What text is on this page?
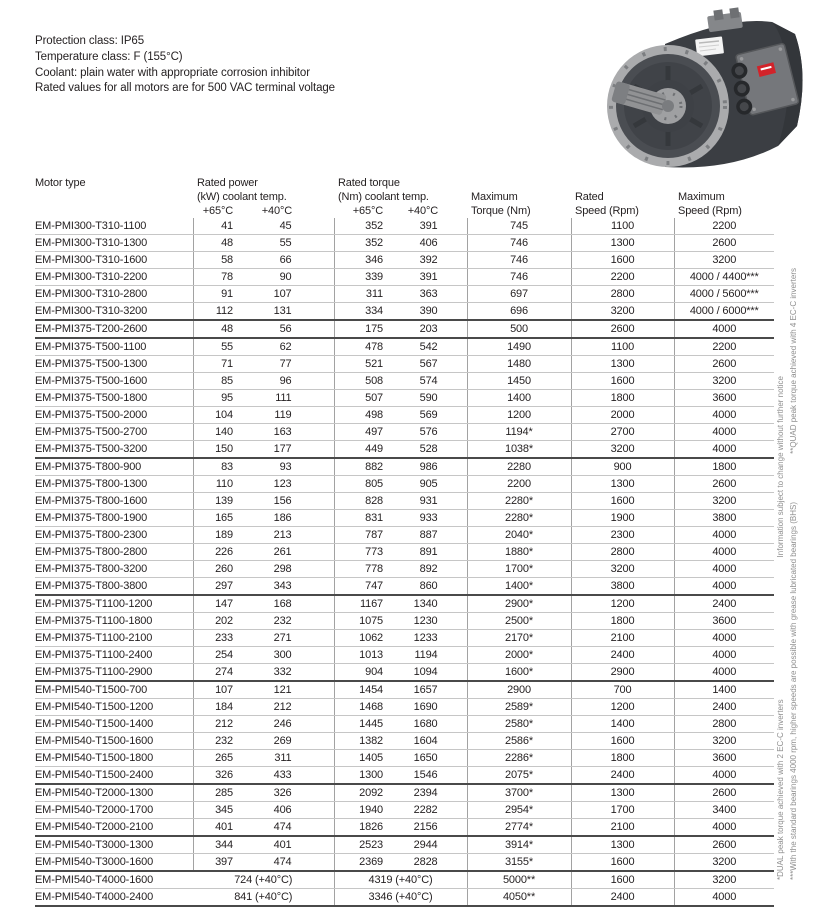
Protection class: IP65
Temperature class: F (155°C)
Coolant: plain water with appropriate corrosion inhibitor
Rated values for all motors are for 500 VAC terminal voltage
Motor type	Rated power		Rated torque				
	(kW) coolant temp.		(Nm) coolant temp.		Maximum	Rated	Maximum
	+65°C	+40°C	+65°C	+40°C	Torque (Nm)	Speed (Rpm)	Speed (Rpm)
EM-PMI300-T310-1100	41	45	352	391	745	1100	2200
EM-PMI300-T310-1300	48	55	352	406	746	1300	2600
EM-PMI300-T310-1600	58	66	346	392	746	1600	3200
EM-PMI300-T310-2200	78	90	339	391	746	2200	4000 / 4400***
EM-PMI300-T310-2800	91	107	311	363	697	2800	4000 / 5600***
EM-PMI300-T310-3200	112	131	334	390	696	3200	4000 / 6000***
EM-PMI375-T200-2600	48	56	175	203	500	2600	4000
EM-PMI375-T500-1100	55	62	478	542	1490	1100	2200
EM-PMI375-T500-1300	71	77	521	567	1480	1300	2600
EM-PMI375-T500-1600	85	96	508	574	1450	1600	3200
EM-PMI375-T500-1800	95	111	507	590	1400	1800	3600
EM-PMI375-T500-2000	104	119	498	569	1200	2000	4000
EM-PMI375-T500-2700	140	163	497	576	1194*	2700	4000
EM-PMI375-T500-3200	150	177	449	528	1038*	3200	4000
EM-PMI375-T800-900	83	93	882	986	2280	900	1800
EM-PMI375-T800-1300	110	123	805	905	2200	1300	2600
EM-PMI375-T800-1600	139	156	828	931	2280*	1600	3200
EM-PMI375-T800-1900	165	186	831	933	2280*	1900	3800
EM-PMI375-T800-2300	189	213	787	887	2040*	2300	4000
EM-PMI375-T800-2800	226	261	773	891	1880*	2800	4000
EM-PMI375-T800-3200	260	298	778	892	1700*	3200	4000
EM-PMI375-T800-3800	297	343	747	860	1400*	3800	4000
EM-PMI375-T1100-1200	147	168	1167	1340	2900*	1200	2400
EM-PMI375-T1100-1800	202	232	1075	1230	2500*	1800	3600
EM-PMI375-T1100-2100	233	271	1062	1233	2170*	2100	4000
EM-PMI375-T1100-2400	254	300	1013	1194	2000*	2400	4000
EM-PMI375-T1100-2900	274	332	904	1094	1600*	2900	4000
EM-PMI540-T1500-700	107	121	1454	1657	2900	700	1400
EM-PMI540-T1500-1200	184	212	1468	1690	2589*	1200	2400
EM-PMI540-T1500-1400	212	246	1445	1680	2580*	1400	2800
EM-PMI540-T1500-1600	232	269	1382	1604	2586*	1600	3200
EM-PMI540-T1500-1800	265	311	1405	1650	2286*	1800	3600
EM-PMI540-T1500-2400	326	433	1300	1546	2075*	2400	4000
EM-PMI540-T2000-1300	285	326	2092	2394	3700*	1300	2600
EM-PMI540-T2000-1700	345	406	1940	2282	2954*	1700	3400
EM-PMI540-T2000-2100	401	474	1826	2156	2774*	2100	4000
EM-PMI540-T3000-1300	344	401	2523	2944	3914*	1300	2600
EM-PMI540-T3000-1600	397	474	2369	2828	3155*	1600	3200
EM-PMI540-T4000-1600	724 (+40°C)		4319 (+40°C)		5000**	1600	3200
EM-PMI540-T4000-2400	841 (+40°C)		3346 (+40°C)		4050**	2400	4000
*DUAL peak torque achieved with 2 EC-C inverters
Information subject to change without further notice
***With the standard bearings 4000 rpm, higher speeds are possible with grease lubricated bearings (BHS)
**QUAD peak torque achieved with 4 EC-C inverters
